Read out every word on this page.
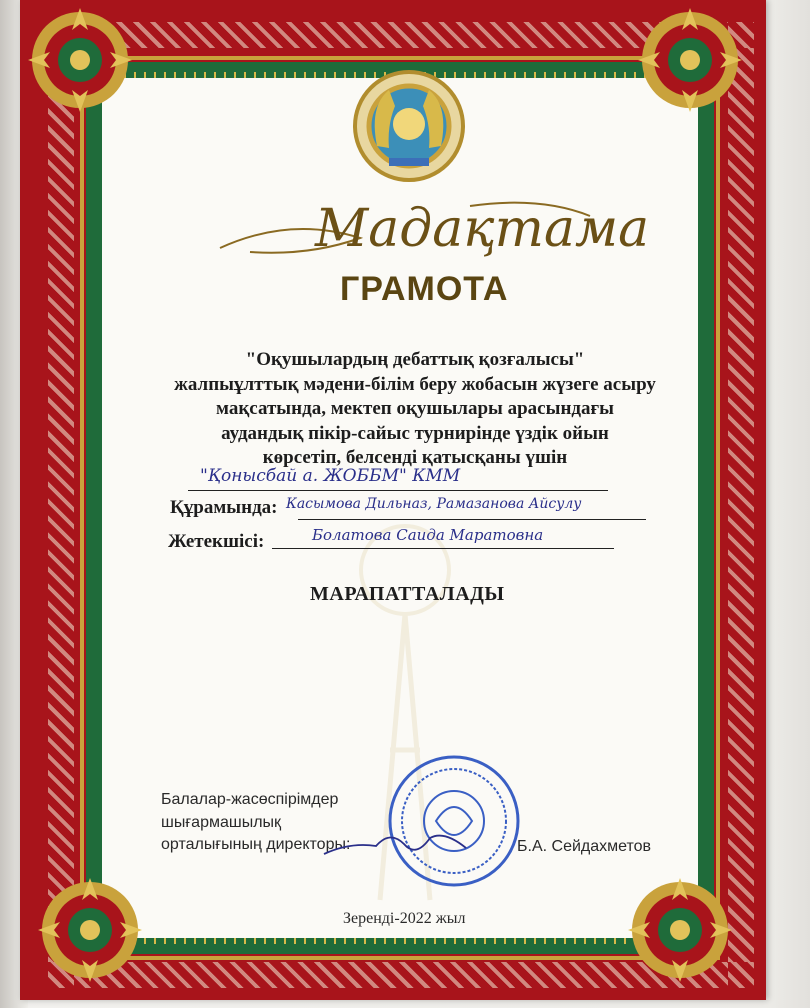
Мадақтама
ГРАМОТА
"Оқушылардың дебаттық қозғалысы"
жалпыұлттық мәдени-білім беру жобасын жүзеге асыру
мақсатында, мектеп оқушылары арасындағы
аудандық пікір-сайыс турнирінде үздік ойын
көрсетіп, белсенді қатысқаны үшін
"Қонысбай а. ЖОББМ" КММ
Құрамында: Касымова Дильназ, Рамазанова Айсулу
Жетекшісі:	Болатова Саида Маратовна
МАРАПАТТАЛАДЫ
Балалар-жасөспірімдер
шығармашылық
орталығының директоры:	Б.А. Сейдахметов
Зеренді-2022 жыл
